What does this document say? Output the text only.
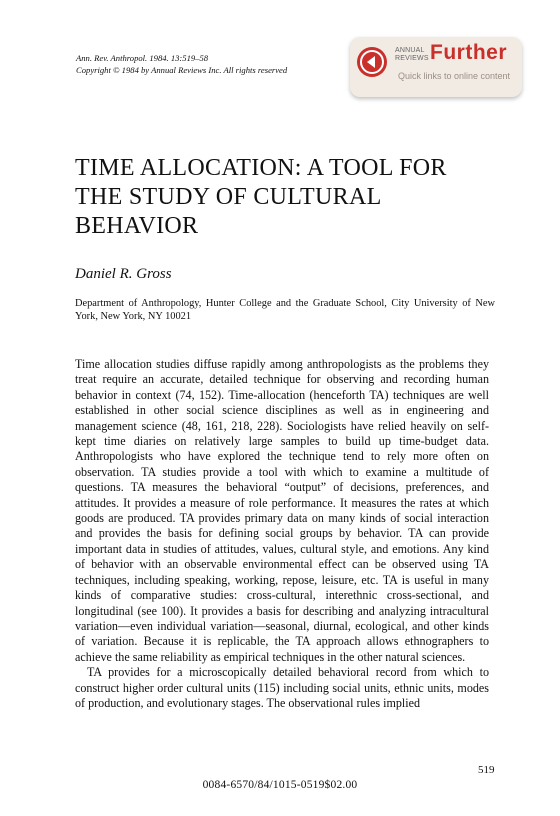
Ann. Rev. Anthropol. 1984. 13:519–58
Copyright © 1984 by Annual Reviews Inc. All rights reserved
ANNUAL
REVIEWS Further
Quick links to online content
TIME ALLOCATION: A TOOL FOR THE STUDY OF CULTURAL BEHAVIOR
Daniel R. Gross
Department of Anthropology, Hunter College and the Graduate School, City University of New York, New York, NY 10021

Time allocation studies diffuse rapidly among anthropologists as the problems they treat require an accurate, detailed technique for observing and recording human behavior in context (74, 152). Time-allocation (henceforth TA) techniques are well established in other social science disciplines as well as in engineering and management science (48, 161, 218, 228). Sociologists have relied heavily on self-kept time diaries on relatively large samples to build up time-budget data. Anthropologists who have explored the technique tend to rely more often on observation. TA studies provide a tool with which to examine a multitude of questions. TA measures the behavioral “output” of decisions, preferences, and attitudes. It provides a measure of role performance. It measures the rates at which goods are produced. TA provides primary data on many kinds of social interaction and provides the basis for defining social groups by behavior. TA can provide important data in studies of attitudes, values, cultural style, and emotions. Any kind of behavior with an observable environmental effect can be observed using TA techniques, including speaking, working, repose, leisure, etc. TA is useful in many kinds of comparative studies: cross-cultural, interethnic cross-sectional, and longitudinal (see 100). It provides a basis for describing and analyzing intracultural variation—even individual variation—seasonal, diurnal, ecological, and other kinds of variation. Because it is replicable, the TA approach allows ethnographers to achieve the same reliability as empirical techniques in the other natural sciences.

TA provides for a microscopically detailed behavioral record from which to construct higher order cultural units (115) including social units, ethnic units, modes of production, and evolutionary stages. The observational rules implied

519
0084-6570/84/1015-0519$02.00
